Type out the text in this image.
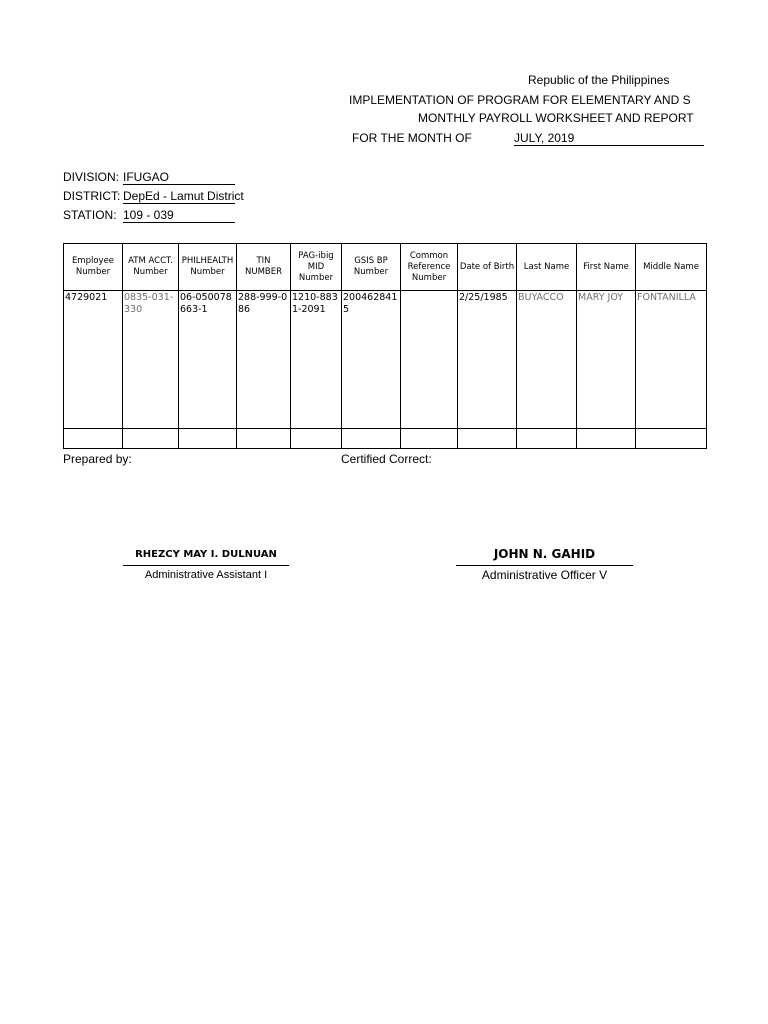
Republic of the Philippines
IMPLEMENTATION OF PROGRAM FOR ELEMENTARY AND S
MONTHLY PAYROLL WORKSHEET AND REPORT
FOR THE MONTH OF	JULY, 2019
DIVISION: IFUGAO
DISTRICT: DepEd - Lamut District
STATION: 109 - 039
Employee Number	ATM ACCT. Number	PHILHEALTH Number	TIN NUMBER	PAG-ibig MID Number	GSIS BP Number	Common Reference Number	Date of Birth	Last Name	First Name	Middle Name
4729021	0835-031-330	06-050078663-1	288-999-086	1210-8831-2091	2004628415		2/25/1985	BUYACCO	MARY JOY	FONTANILLA

Prepared by:	Certified Correct:
RHEZCY MAY I. DULNUAN
Administrative Assistant I
JOHN N. GAHID
Administrative Officer V
